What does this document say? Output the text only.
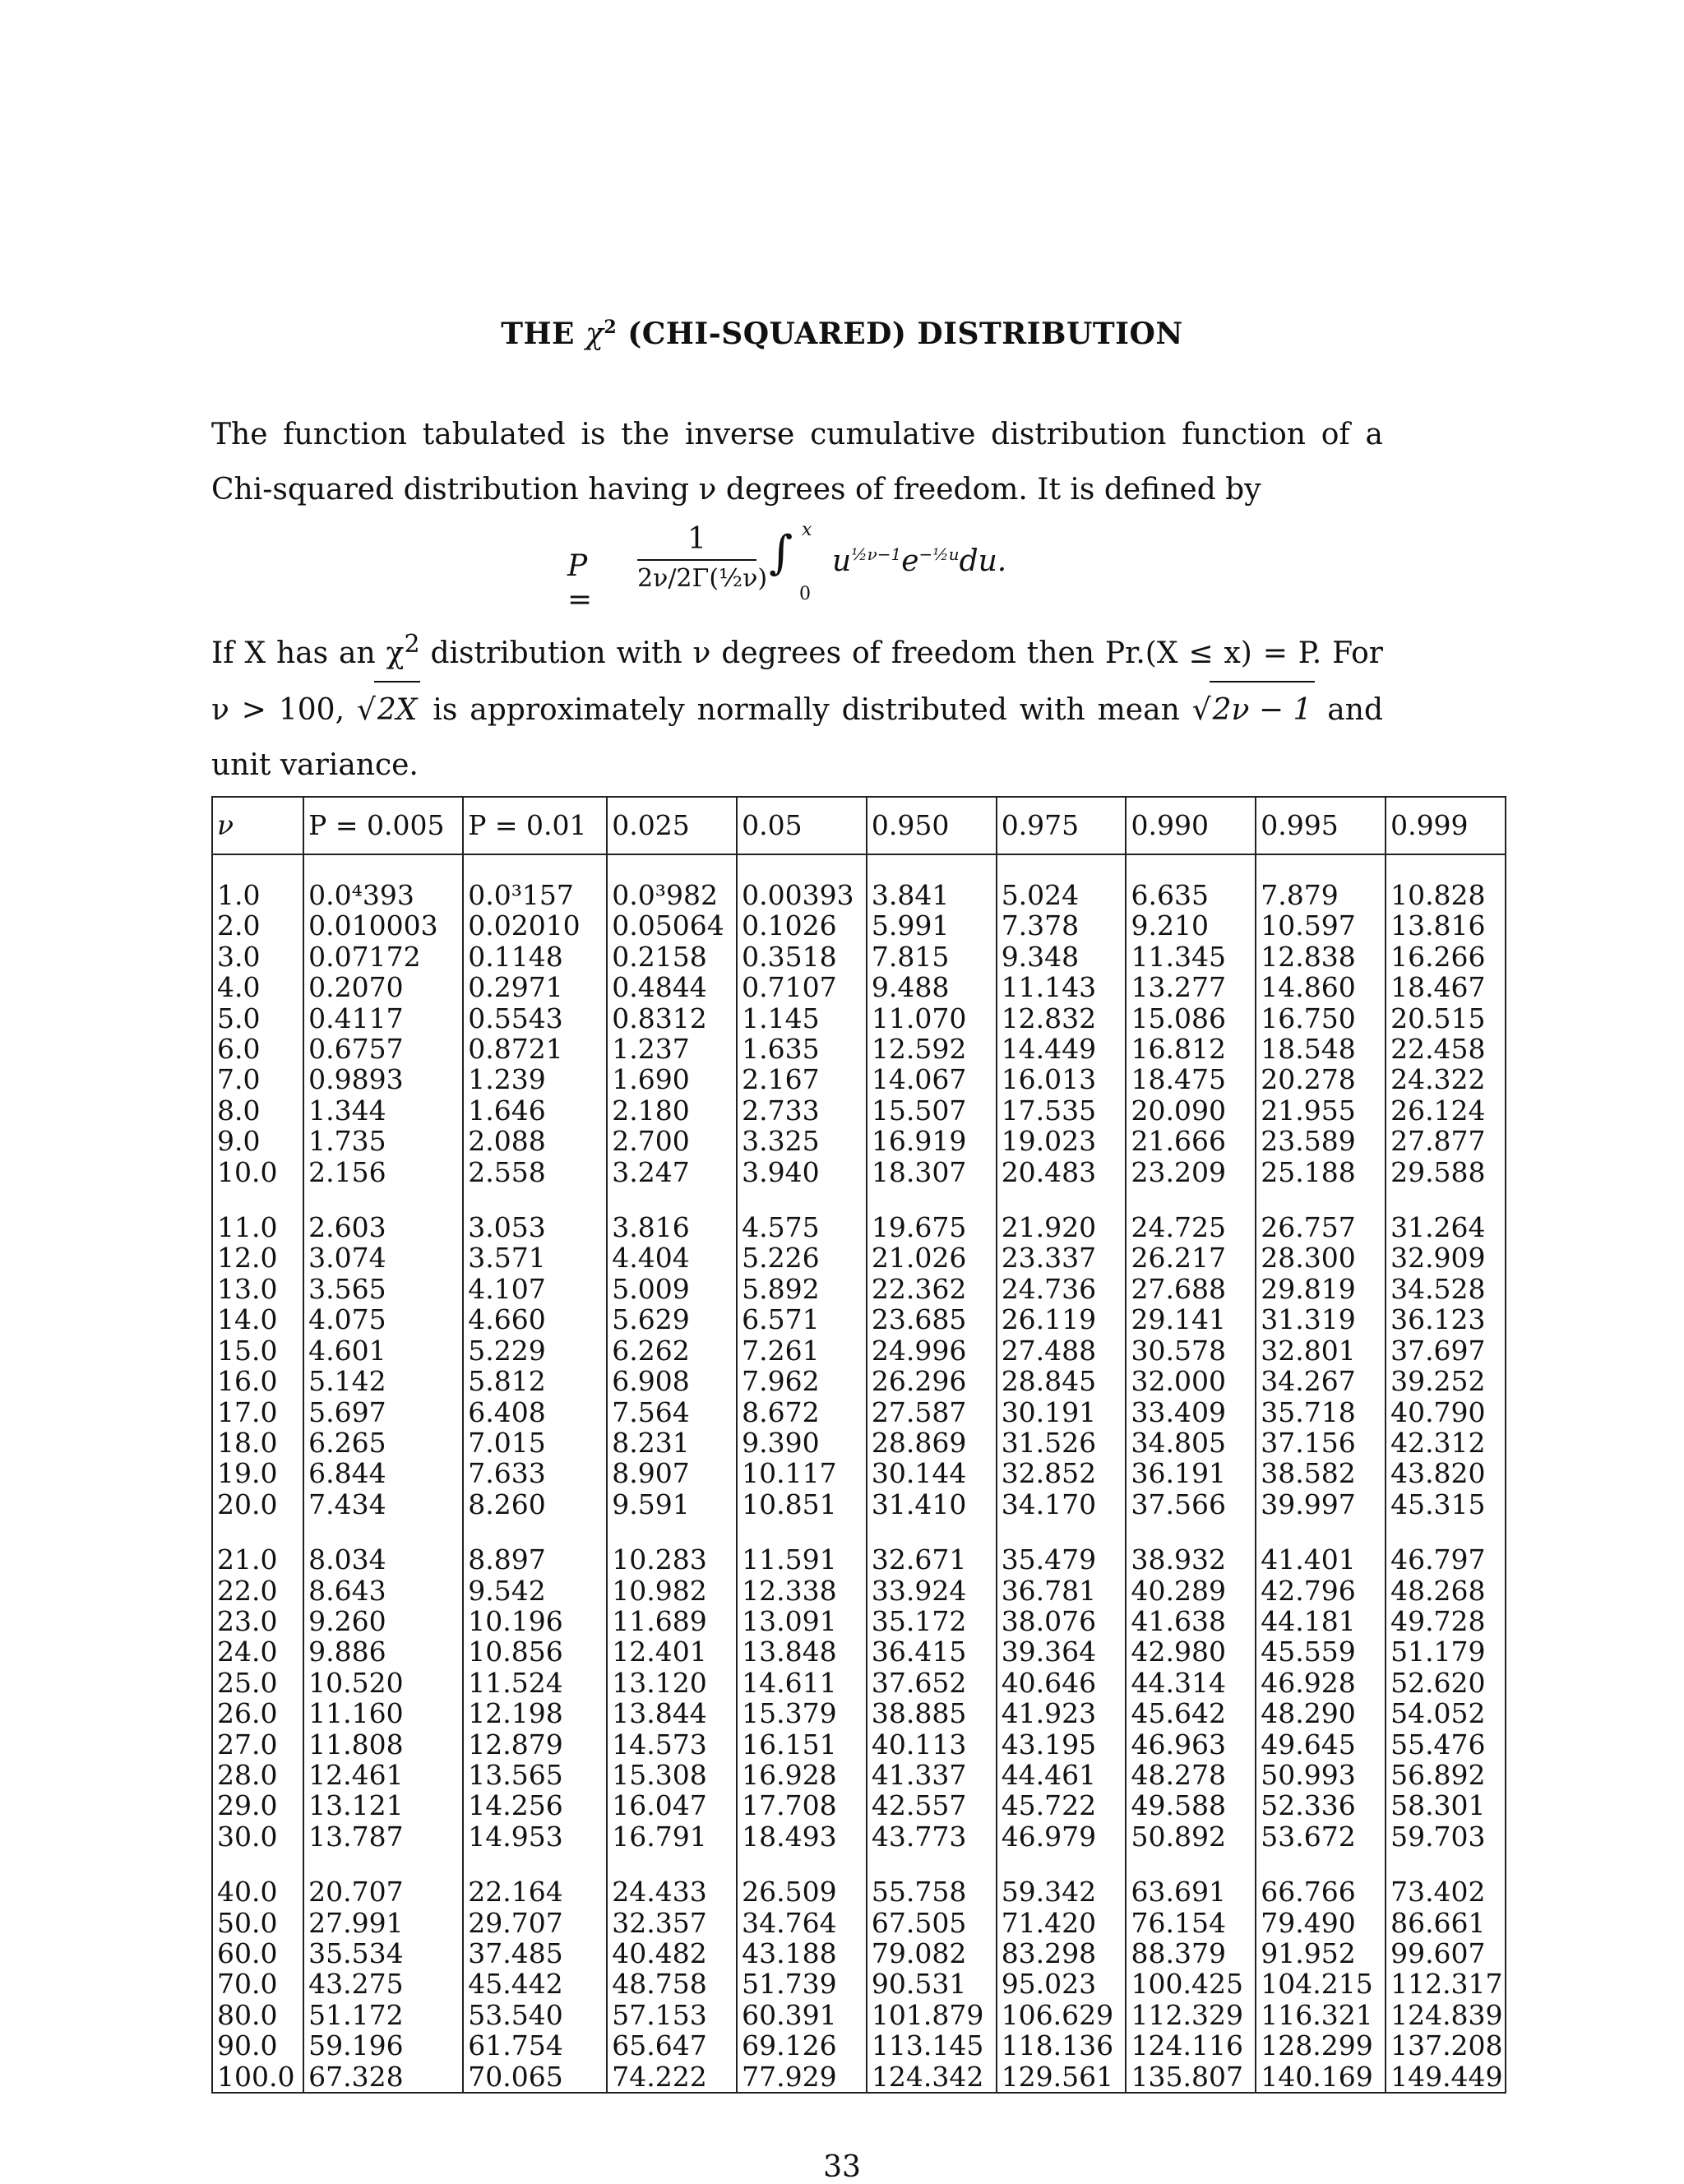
THE $\chi^2$ (CHI-SQUARED) DISTRIBUTION

The function tabulated is the inverse cumulative distribution function of a Chi-squared distribution having ν degrees of freedom. It is defined by

P =
1
2ν/2Γ(½ν) ∫ x
0
$u^{\frac{1}{2}\nu-1}e^{-\frac{1}{2}u}du$.

If X has an $\chi^2$ distribution with ν degrees of freedom then Pr.(X ≤ x) = P. For ν > 100, √2X is approximately normally distributed with mean √2ν − 1 and unit variance.

ν	P = 0.005	P = 0.01	0.025	0.05	0.950	0.975	0.990	0.995	0.999

1.0	0.0⁴393	0.0³157	0.0³982	0.00393	3.841	5.024	6.635	7.879	10.828
2.0	0.010003	0.02010	0.05064	0.1026	5.991	7.378	9.210	10.597	13.816
3.0	0.07172	0.1148	0.2158	0.3518	7.815	9.348	11.345	12.838	16.266
4.0	0.2070	0.2971	0.4844	0.7107	9.488	11.143	13.277	14.860	18.467
5.0	0.4117	0.5543	0.8312	1.145	11.070	12.832	15.086	16.750	20.515
6.0	0.6757	0.8721	1.237	1.635	12.592	14.449	16.812	18.548	22.458
7.0	0.9893	1.239	1.690	2.167	14.067	16.013	18.475	20.278	24.322
8.0	1.344	1.646	2.180	2.733	15.507	17.535	20.090	21.955	26.124
9.0	1.735	2.088	2.700	3.325	16.919	19.023	21.666	23.589	27.877
10.0	2.156	2.558	3.247	3.940	18.307	20.483	23.209	25.188	29.588

11.0	2.603	3.053	3.816	4.575	19.675	21.920	24.725	26.757	31.264
12.0	3.074	3.571	4.404	5.226	21.026	23.337	26.217	28.300	32.909
13.0	3.565	4.107	5.009	5.892	22.362	24.736	27.688	29.819	34.528
14.0	4.075	4.660	5.629	6.571	23.685	26.119	29.141	31.319	36.123
15.0	4.601	5.229	6.262	7.261	24.996	27.488	30.578	32.801	37.697
16.0	5.142	5.812	6.908	7.962	26.296	28.845	32.000	34.267	39.252
17.0	5.697	6.408	7.564	8.672	27.587	30.191	33.409	35.718	40.790
18.0	6.265	7.015	8.231	9.390	28.869	31.526	34.805	37.156	42.312
19.0	6.844	7.633	8.907	10.117	30.144	32.852	36.191	38.582	43.820
20.0	7.434	8.260	9.591	10.851	31.410	34.170	37.566	39.997	45.315

21.0	8.034	8.897	10.283	11.591	32.671	35.479	38.932	41.401	46.797
22.0	8.643	9.542	10.982	12.338	33.924	36.781	40.289	42.796	48.268
23.0	9.260	10.196	11.689	13.091	35.172	38.076	41.638	44.181	49.728
24.0	9.886	10.856	12.401	13.848	36.415	39.364	42.980	45.559	51.179
25.0	10.520	11.524	13.120	14.611	37.652	40.646	44.314	46.928	52.620
26.0	11.160	12.198	13.844	15.379	38.885	41.923	45.642	48.290	54.052
27.0	11.808	12.879	14.573	16.151	40.113	43.195	46.963	49.645	55.476
28.0	12.461	13.565	15.308	16.928	41.337	44.461	48.278	50.993	56.892
29.0	13.121	14.256	16.047	17.708	42.557	45.722	49.588	52.336	58.301
30.0	13.787	14.953	16.791	18.493	43.773	46.979	50.892	53.672	59.703

40.0	20.707	22.164	24.433	26.509	55.758	59.342	63.691	66.766	73.402
50.0	27.991	29.707	32.357	34.764	67.505	71.420	76.154	79.490	86.661
60.0	35.534	37.485	40.482	43.188	79.082	83.298	88.379	91.952	99.607
70.0	43.275	45.442	48.758	51.739	90.531	95.023	100.425	104.215	112.317
80.0	51.172	53.540	57.153	60.391	101.879	106.629	112.329	116.321	124.839
90.0	59.196	61.754	65.647	69.126	113.145	118.136	124.116	128.299	137.208
100.0	67.328	70.065	74.222	77.929	124.342	129.561	135.807	140.169	149.449
33
